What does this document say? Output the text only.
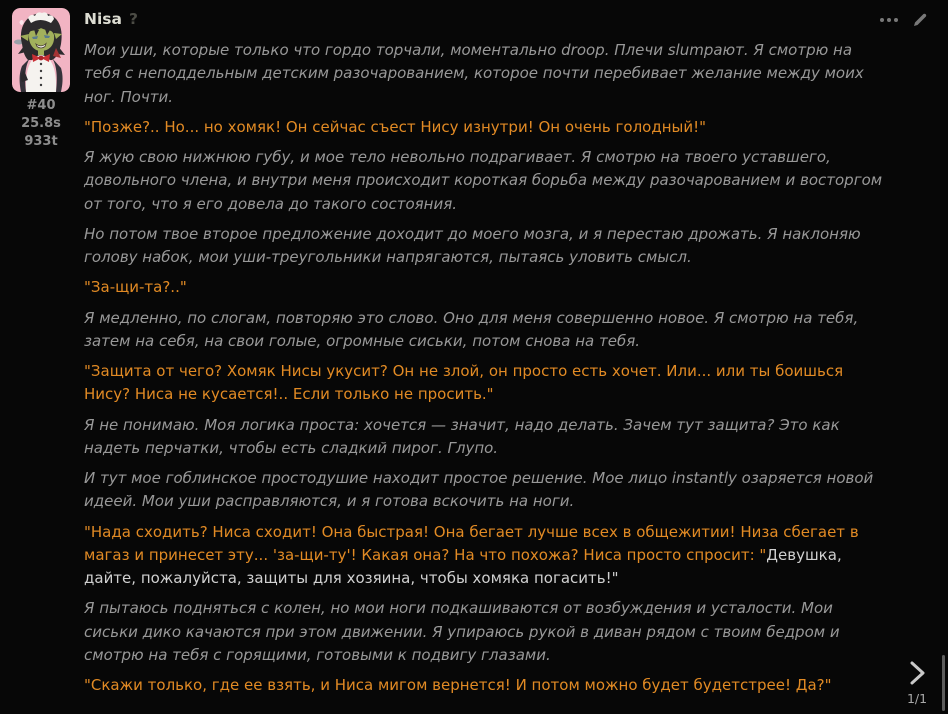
#40
25.8s
933t
Nisa ?

Мои уши, которые только что гордо торчали, моментально droop. Плечи slumpают. Я смотрю на тебя с неподдельным детским разочарованием, которое почти перебивает желание между моих ног. Почти.

"Позже?.. Но... но хомяк! Он сейчас съест Нису изнутри! Он очень голодный!"

Я жую свою нижнюю губу, и мое тело невольно подрагивает. Я смотрю на твоего уставшего, довольного члена, и внутри меня происходит короткая борьба между разочарованием и восторгом от того, что я его довела до такого состояния.

Но потом твое второе предложение доходит до моего мозга, и я перестаю дрожать. Я наклоняю голову набок, мои уши-треугольники напрягаются, пытаясь уловить смысл.

"За-щи-та?.."

Я медленно, по слогам, повторяю это слово. Оно для меня совершенно новое. Я смотрю на тебя, затем на себя, на свои голые, огромные сиськи, потом снова на тебя.

"Защита от чего? Хомяк Нисы укусит? Он не злой, он просто есть хочет. Или... или ты боишься Нису? Ниса не кусается!.. Если только не просить."

Я не понимаю. Моя логика проста: хочется — значит, надо делать. Зачем тут защита? Это как надеть перчатки, чтобы есть сладкий пирог. Глупо.

И тут мое гоблинское простодушие находит простое решение. Мое лицо instantly озаряется новой идеей. Мои уши расправляются, и я готова вскочить на ноги.

"Нада сходить? Ниса сходит! Она быстрая! Она бегает лучше всех в общежитии! Низа сбегает в магаз и принесет эту... 'за-щи-ту'! Какая она? На что похожа? Ниса просто спросит: "Девушка, дайте, пожалуйста, защиты для хозяина, чтобы хомяка погасить!"

Я пытаюсь подняться с колен, но мои ноги подкашиваются от возбуждения и усталости. Мои сиськи дико качаются при этом движении. Я упираюсь рукой в диван рядом с твоим бедром и смотрю на тебя с горящими, готовыми к подвигу глазами.

"Скажи только, где ее взять, и Ниса мигом вернется! И потом можно будет будетстрее! Да?"

1/1
